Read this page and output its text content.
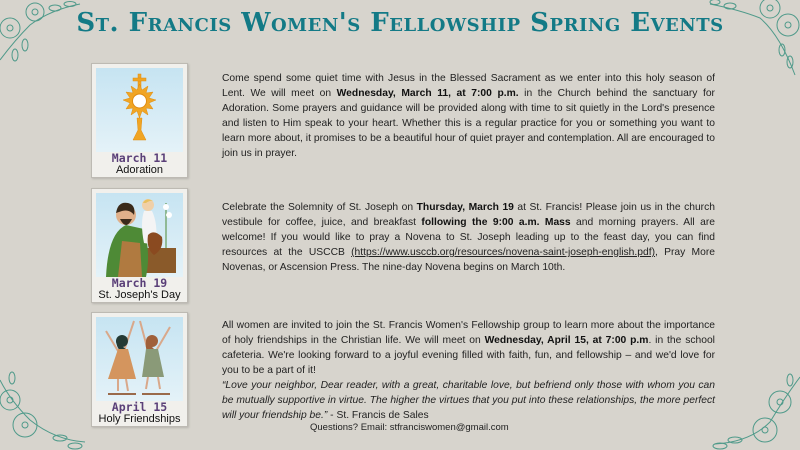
St. Francis Women's Fellowship Spring Events
March 11
Adoration
Come spend some quiet time with Jesus in the Blessed Sacrament as we enter into this holy season of Lent. We will meet on Wednesday, March 11, at 7:00 p.m. in the Church behind the sanctuary for Adoration. Some prayers and guidance will be provided along with time to sit quietly in the Lord's presence and listen to Him speak to your heart. Whether this is a regular practice for you or something you want to learn more about, it promises to be a beautiful hour of quiet prayer and contemplation. All are encouraged to join us in prayer.
March 19
St. Joseph's Day
Celebrate the Solemnity of St. Joseph on Thursday, March 19 at St. Francis! Please join us in the church vestibule for coffee, juice, and breakfast following the 9:00 a.m. Mass and morning prayers. All are welcome! If you would like to pray a Novena to St. Joseph leading up to the feast day, you can find resources at the USCCB (https://www.usccb.org/resources/novena-saint-joseph-english.pdf), Pray More Novenas, or Ascension Press. The nine-day Novena begins on March 10th.
April 15
Holy Friendships
All women are invited to join the St. Francis Women's Fellowship group to learn more about the importance of holy friendships in the Christian life. We will meet on Wednesday, April 15, at 7:00 p.m. in the school cafeteria. We're looking forward to a joyful evening filled with faith, fun, and fellowship – and we'd love for you to be a part of it!
“Love your neighbor, Dear reader, with a great, charitable love, but befriend only those with whom you can be mutually supportive in virtue. The higher the virtues that you put into these relationships, the more perfect will your friendship be.” - St. Francis de Sales
Questions? Email: stfranciswomen@gmail.com
